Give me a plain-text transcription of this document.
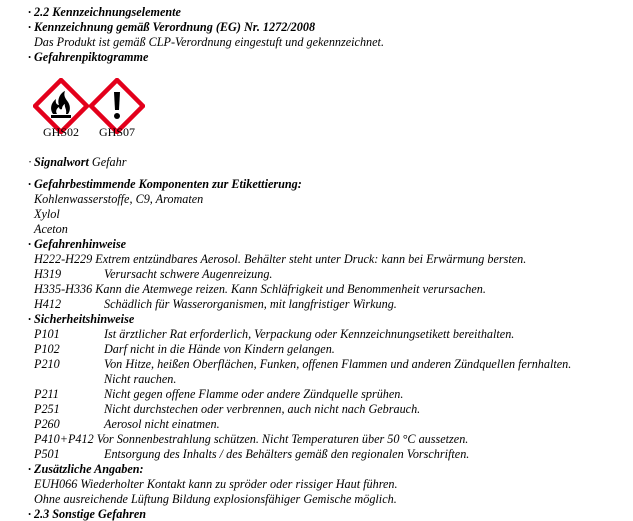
· 2.2 Kennzeichnungselemente
· Kennzeichnung gemäß Verordnung (EG) Nr. 1272/2008
Das Produkt ist gemäß CLP-Verordnung eingestuft und gekennzeichnet.
· Gefahrenpiktogramme
GHS02	GHS07
· Signalwort Gefahr
· Gefahrbestimmende Komponenten zur Etikettierung:
Kohlenwasserstoffe, C9, Aromaten
Xylol
Aceton
· Gefahrenhinweise
H222-H229 Extrem entzündbares Aerosol. Behälter steht unter Druck: kann bei Erwärmung bersten.
H319	Verursacht schwere Augenreizung.
H335-H336 Kann die Atemwege reizen. Kann Schläfrigkeit und Benommenheit verursachen.
H412	Schädlich für Wasserorganismen, mit langfristiger Wirkung.
· Sicherheitshinweise
P101	Ist ärztlicher Rat erforderlich, Verpackung oder Kennzeichnungsetikett bereithalten.
P102	Darf nicht in die Hände von Kindern gelangen.
P210	Von Hitze, heißen Oberflächen, Funken, offenen Flammen und anderen Zündquellen fernhalten.
Nicht rauchen.
P211	Nicht gegen offene Flamme oder andere Zündquelle sprühen.
P251	Nicht durchstechen oder verbrennen, auch nicht nach Gebrauch.
P260	Aerosol nicht einatmen.
P410+P412 Vor Sonnenbestrahlung schützen. Nicht Temperaturen über 50 °C aussetzen.
P501	Entsorgung des Inhalts / des Behälters gemäß den regionalen Vorschriften.
· Zusätzliche Angaben:
EUH066 Wiederholter Kontakt kann zu spröder oder rissiger Haut führen.
Ohne ausreichende Lüftung Bildung explosionsfähiger Gemische möglich.
· 2.3 Sonstige Gefahren
